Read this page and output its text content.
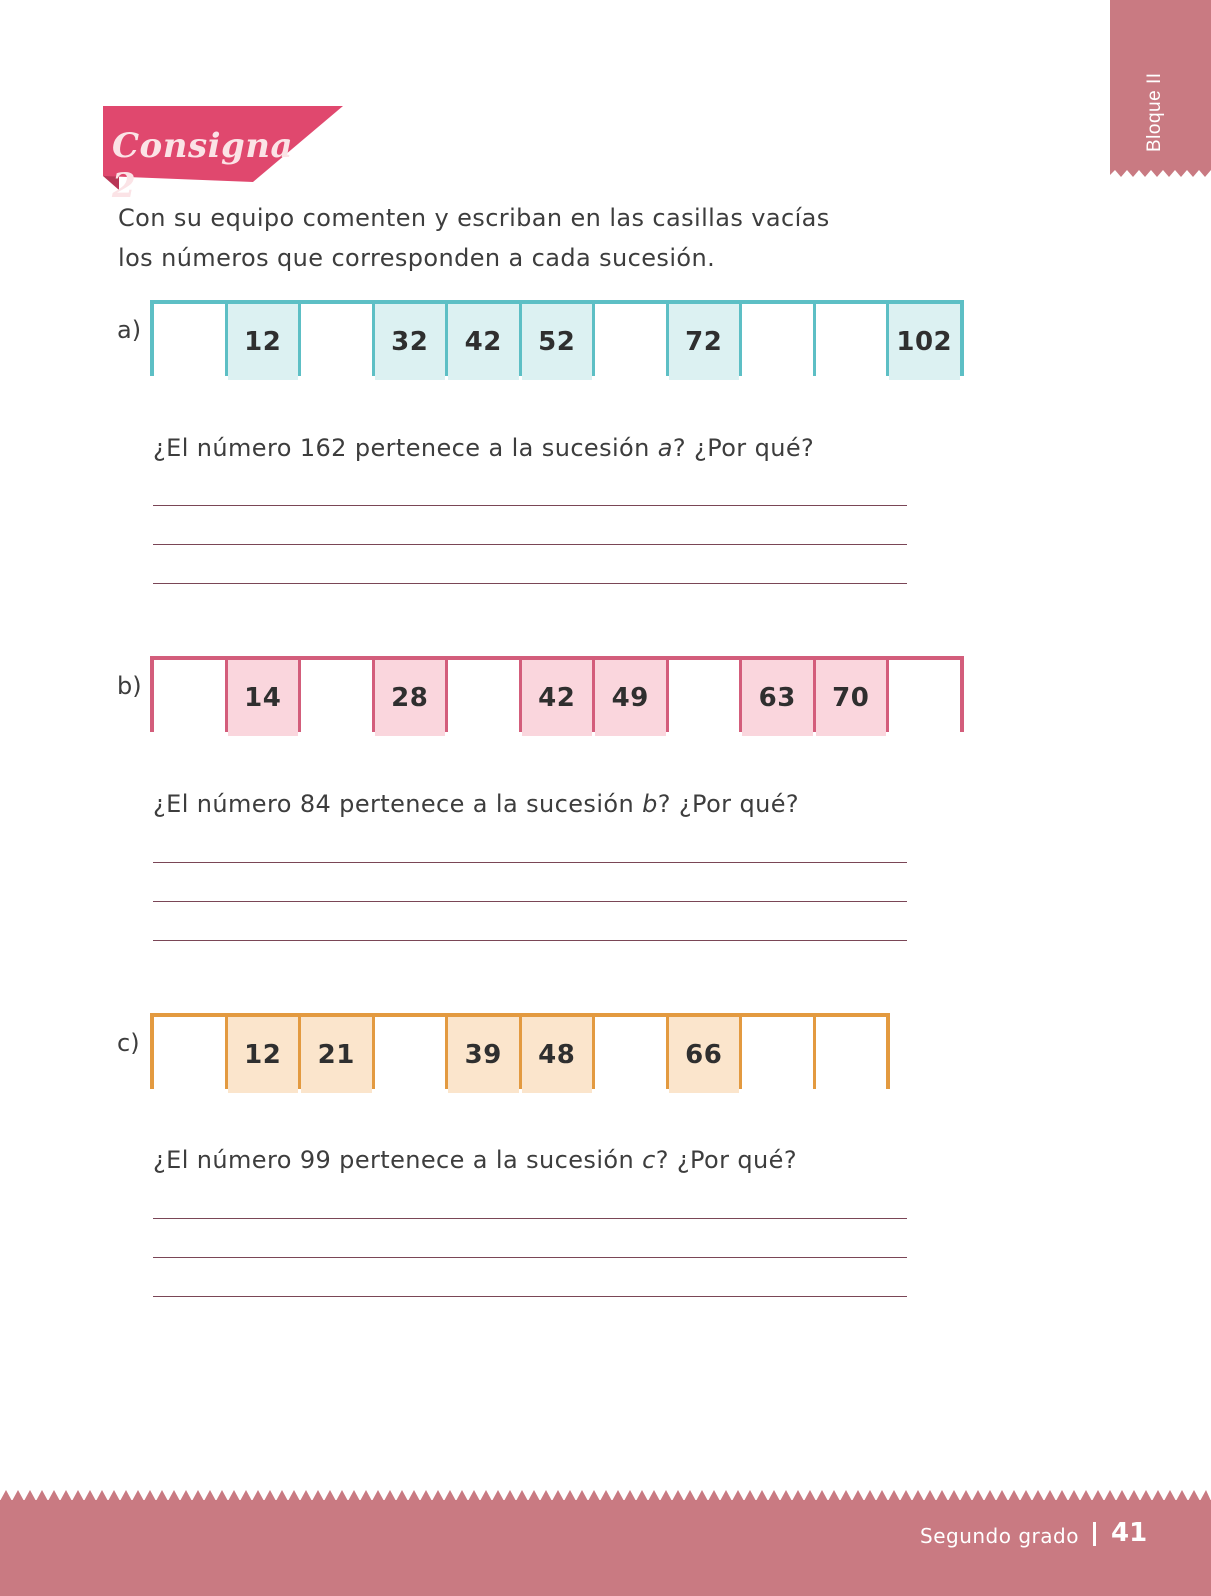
Bloque II
Consigna 2
Con su equipo comenten y escriban en las casillas vacías
los números que corresponden a cada sucesión.
a)	12	32	42	52	72	102
¿El número 162 pertenece a la sucesión a? ¿Por qué?
b)	14	28	42	49	63	70
¿El número 84 pertenece a la sucesión b? ¿Por qué?
c)	12	21	39	48	66
¿El número 99 pertenece a la sucesión c? ¿Por qué?
Segundo grado 41
